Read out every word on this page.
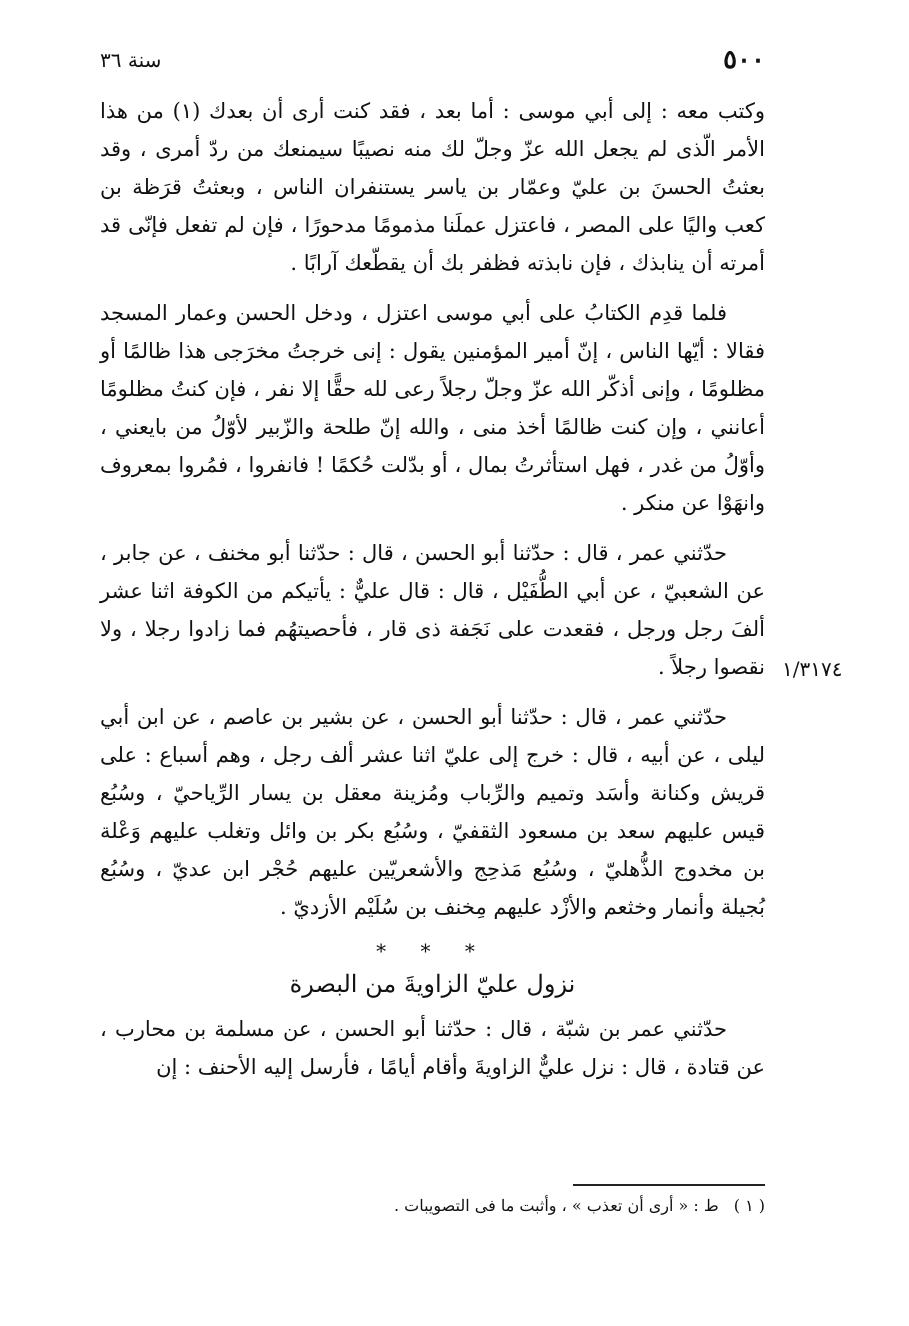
٥٠٠
سنة ٣٦

وكتب معه : إلى أبي موسى : أما بعد ، فقد كنت أرى أن بعدك (١) من هذا الأمر الّذى لم يجعل الله عزّ وجلّ لك منه نصيبًا سيمنعك من ردّ أمرى ، وقد بعثتُ الحسنَ بن عليّ وعمّار بن ياسر يستنفران الناس ، وبعثتُ قرَظة بن كعب واليًا على المصر ، فاعتزل عملَنا مذمومًا مدحورًا ، فإن لم تفعل فإنّى قد أمرته أن ينابذك ، فإن نابذته فظفر بك أن يقطّعك آرابًا .

فلما قدِم الكتابُ على أبي موسى اعتزل ، ودخل الحسن وعمار المسجد فقالا : أيّها الناس ، إنّ أمير المؤمنين يقول : إنى خرجتُ مخرَجى هذا ظالمًا أو مظلومًا ، وإنى أذكّر الله عزّ وجلّ رجلاً رعى لله حقًّا إلا نفر ، فإن كنتُ مظلومًا أعانني ، وإن كنت ظالمًا أخذ منى ، والله إنّ طلحة والزّبير لأوّلُ من بايعني ، وأوّلُ من غدر ، فهل استأثرتُ بمال ، أو بدّلت حُكمًا ! فانفروا ، فمُروا بمعروف وانهَوْا عن منكر .

حدّثني عمر ، قال : حدّثنا أبو الحسن ، قال : حدّثنا أبو مخنف ، عن جابر ، عن الشعبيّ ، عن أبي الطُّفَيْل ، قال : قال عليٌّ : يأتيكم من الكوفة اثنا عشر ألفَ رجل ورجل ، فقعدت على نَجَفة ذى قار ، فأحصيتهُم فما زادوا رجلا ، ولا نقصوا رجلاً .

حدّثني عمر ، قال : حدّثنا أبو الحسن ، عن بشير بن عاصم ، عن ابن أبي ليلى ، عن أبيه ، قال : خرج إلى عليّ اثنا عشر ألف رجل ، وهم أسباع : على قريش وكنانة وأسَد وتميم والرِّباب ومُزينة معقل بن يسار الرِّياحيّ ، وسُبُع قيس عليهم سعد بن مسعود الثقفيّ ، وسُبُع بكر بن وائل وتغلب عليهم وَعْلة بن مخدوج الذُّهليّ ، وسُبُع مَذحِج والأشعريّين عليهم حُجْر ابن عديّ ، وسُبُع بُجيلة وأنمار وخثعم والأزْد عليهم مِخنف بن سُلَيْم الأزديّ .

* * *
نزول عليّ الزاويةَ من البصرة

حدّثني عمر بن شبّة ، قال : حدّثنا أبو الحسن ، عن مسلمة بن محارب ، عن قتادة ، قال : نزل عليٌّ الزاويةَ وأقام أيامًا ، فأرسل إليه الأحنف : إن

١/٣١٧٤
( ١ ) ط : « أرى أن تعذب » ، وأثبت ما فى التصويبات .
